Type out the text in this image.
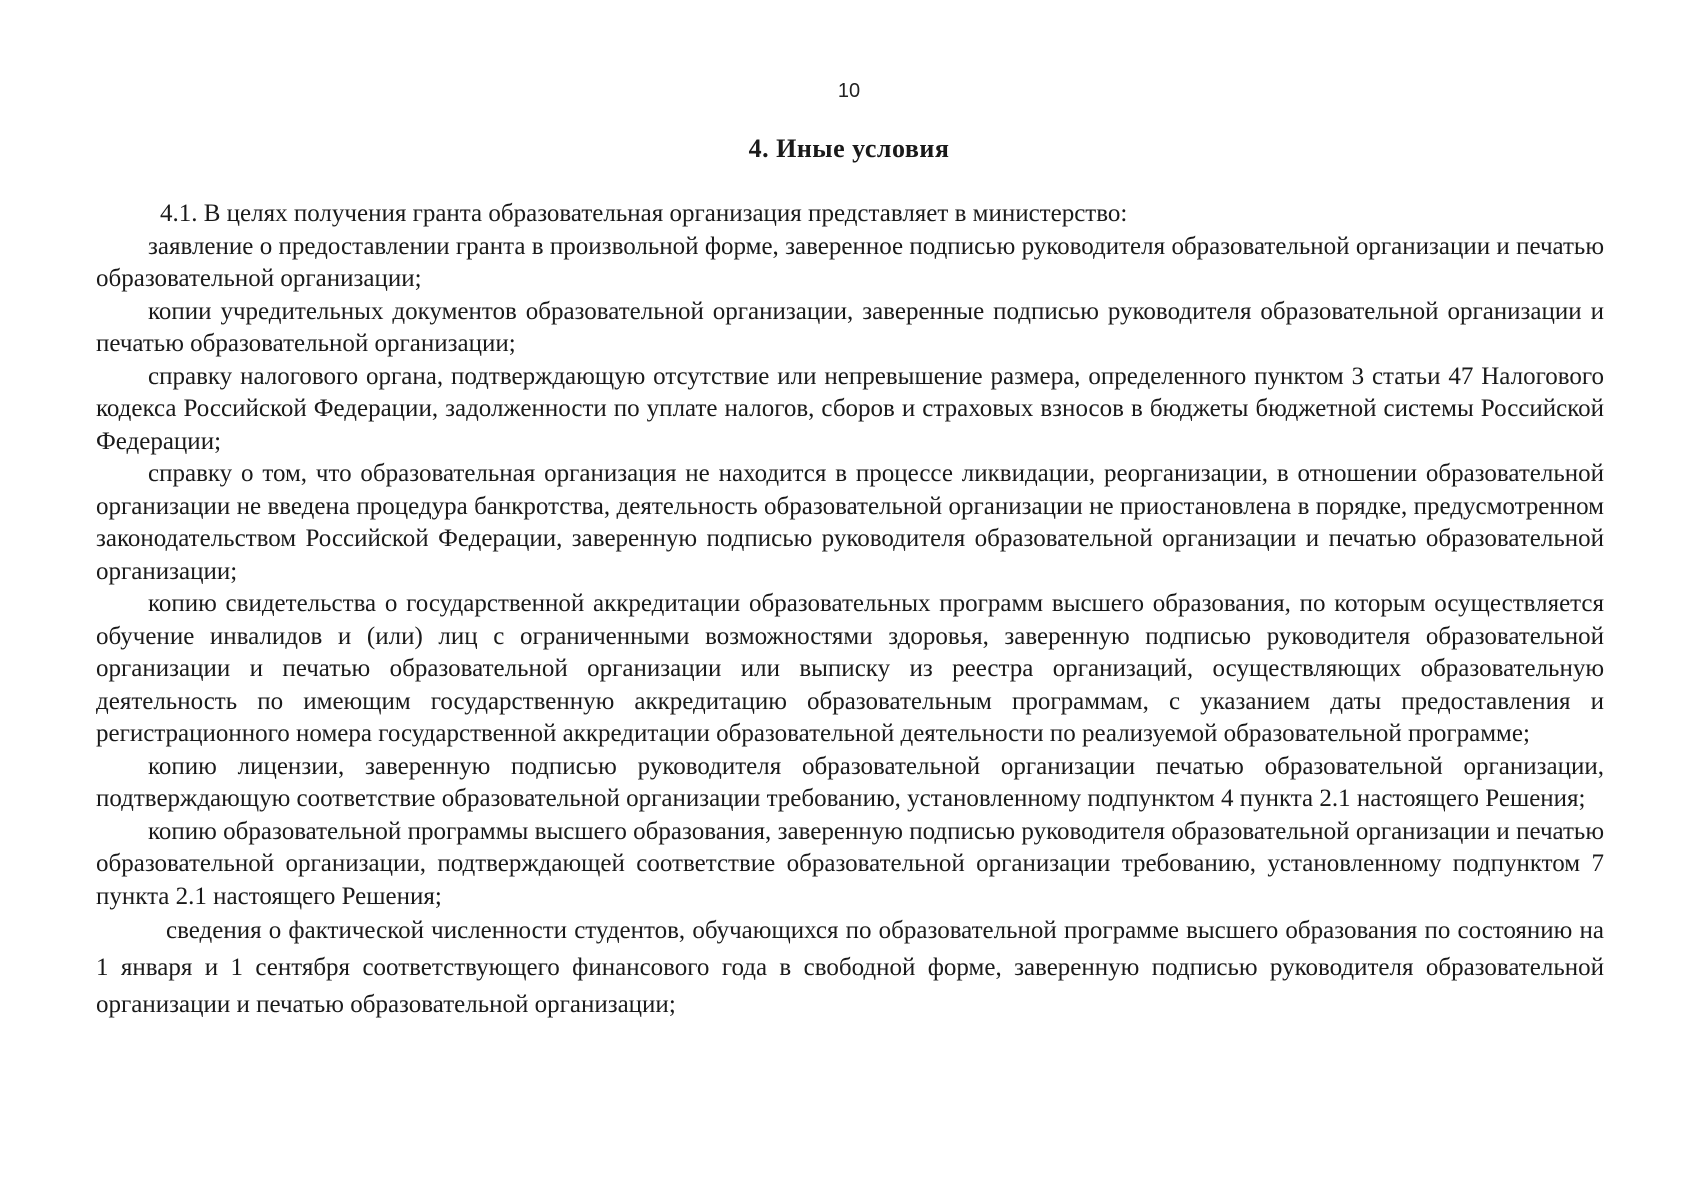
10
4. Иные условия

4.1. В целях получения гранта образовательная организация представляет в министерство:

заявление о предоставлении гранта в произвольной форме, заверенное подписью руководителя образовательной организации и печатью образовательной организации;

копии учредительных документов образовательной организации, заверенные подписью руководителя образовательной организации и печатью образовательной организации;

справку налогового органа, подтверждающую отсутствие или непревышение размера, определенного пунктом 3 статьи 47 Налогового кодекса Российской Федерации, задолженности по уплате налогов, сборов и страховых взносов в бюджеты бюджетной системы Российской Федерации;

справку о том, что образовательная организация не находится в процессе ликвидации, реорганизации, в отношении образовательной организации не введена процедура банкротства, деятельность образовательной организации не приостановлена в порядке, предусмотренном законодательством Российской Федерации, заверенную подписью руководителя образовательной организации и печатью образовательной организации;

копию свидетельства о государственной аккредитации образовательных программ высшего образования, по которым осуществляется обучение инвалидов и (или) лиц с ограниченными возможностями здоровья, заверенную подписью руководителя образовательной организации и печатью образовательной организации или выписку из реестра организаций, осуществляющих образовательную деятельность по имеющим государственную аккредитацию образовательным программам, с указанием даты предоставления и регистрационного номера государственной аккредитации образовательной деятельности по реализуемой образовательной программе;

копию лицензии, заверенную подписью руководителя образовательной организации печатью образовательной организации, подтверждающую соответствие образовательной организации требованию, установленному подпунктом 4 пункта 2.1 настоящего Решения;

копию образовательной программы высшего образования, заверенную подписью руководителя образовательной организации и печатью образовательной организации, подтверждающей соответствие образовательной организации требованию, установленному подпунктом 7 пункта 2.1 настоящего Решения;

сведения о фактической численности студентов, обучающихся по образовательной программе высшего образования по состоянию на 1 января и 1 сентября соответствующего финансового года в свободной форме, заверенную подписью руководителя образовательной организации и печатью образовательной организации;
